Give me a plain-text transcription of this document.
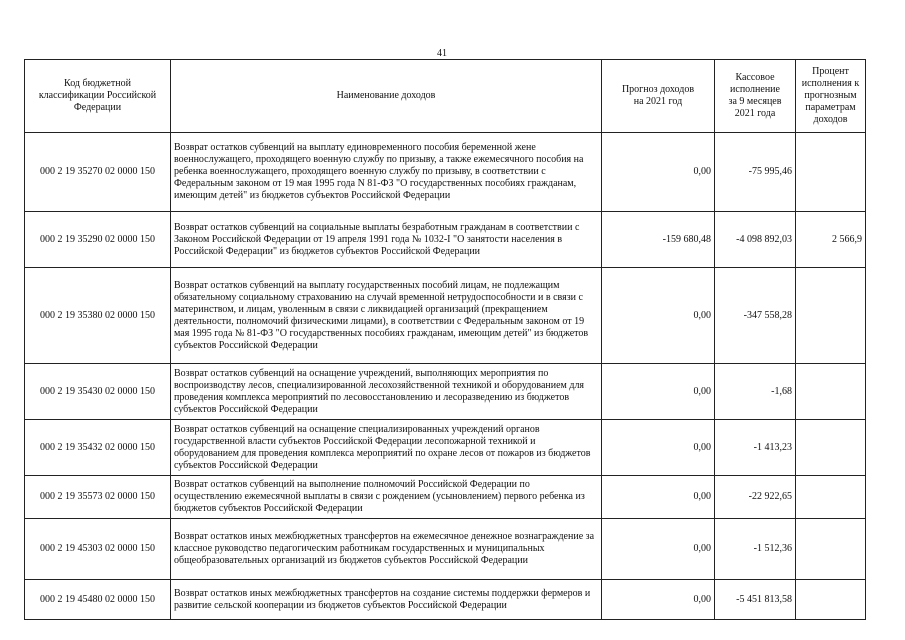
41
Код бюджетной
классификации Российской
Федерации	Наименование доходов	Прогноз доходов
на 2021 год	Кассовое
исполнение
за 9 месяцев
2021 года	Процент
исполнения к
прогнозным
параметрам
доходов
000 2 19 35270 02 0000 150	Возврат остатков субвенций на выплату единовременного пособия беременной жене военнослужащего, проходящего военную службу по призыву, а также ежемесячного пособия на ребенка военнослужащего, проходящего военную службу по призыву, в соответствии с Федеральным законом от 19 мая 1995 года N 81-ФЗ "О государственных пособиях гражданам, имеющим детей" из бюджетов субъектов Российской Федерации	0,00	-75 995,46	
000 2 19 35290 02 0000 150	Возврат остатков субвенций на социальные выплаты безработным гражданам в соответствии с Законом Российской Федерации от 19 апреля 1991 года № 1032-I "О занятости населения в Российской Федерации" из бюджетов субъектов Российской Федерации	-159 680,48	-4 098 892,03	2 566,9
000 2 19 35380 02 0000 150	Возврат остатков субвенций на выплату государственных пособий лицам, не подлежащим обязательному социальному страхованию на случай временной нетрудоспособности и в связи с материнством, и лицам, уволенным в связи с ликвидацией организаций (прекращением деятельности, полномочий физическими лицами), в соответствии с Федеральным законом от 19 мая 1995 года № 81-ФЗ "О государственных пособиях гражданам, имеющим детей" из бюджетов субъектов Российской Федерации	0,00	-347 558,28	
000 2 19 35430 02 0000 150	Возврат остатков субвенций на оснащение учреждений, выполняющих мероприятия по воспроизводству лесов, специализированной лесохозяйственной техникой и оборудованием для проведения комплекса мероприятий по лесовосстановлению и лесоразведению из бюджетов субъектов Российской Федерации	0,00	-1,68	
000 2 19 35432 02 0000 150	Возврат остатков субвенций на оснащение специализированных учреждений органов государственной власти субъектов Российской Федерации лесопожарной техникой и оборудованием для проведения комплекса мероприятий по охране лесов от пожаров из бюджетов субъектов Российской Федерации	0,00	-1 413,23	
000 2 19 35573 02 0000 150	Возврат остатков субвенций на выполнение полномочий Российской Федерации по осуществлению ежемесячной выплаты в связи с рождением (усыновлением) первого ребенка из бюджетов субъектов Российской Федерации	0,00	-22 922,65	
000 2 19 45303 02 0000 150	Возврат остатков иных межбюджетных трансфертов на ежемесячное денежное вознаграждение за классное руководство педагогическим работникам государственных и муниципальных общеобразовательных организаций из бюджетов субъектов Российской Федерации	0,00	-1 512,36	
000 2 19 45480 02 0000 150	Возврат остатков иных межбюджетных трансфертов на создание системы поддержки фермеров и развитие сельской кооперации из бюджетов субъектов Российской Федерации	0,00	-5 451 813,58	
